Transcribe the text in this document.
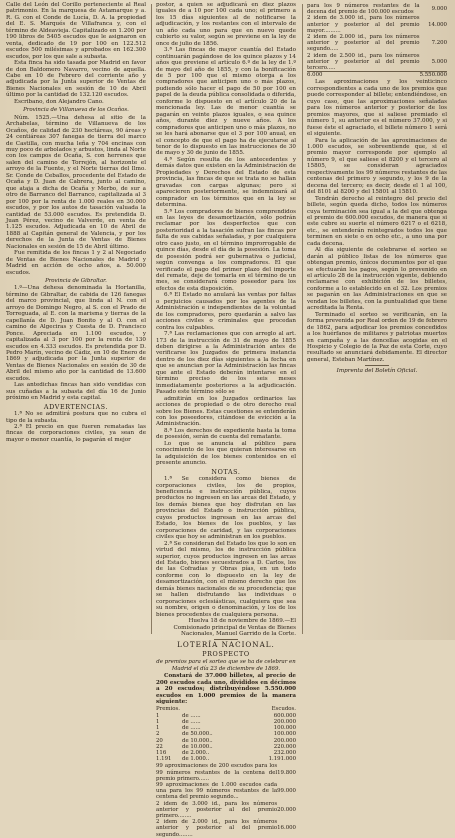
Calle del León del Corillo perteneciente al Real patrimonio. En la marquesa de Astamarque y a. R. G. con el Conde de Lucía, D. A. la propiedad del E. S. Marqués de Villafranca y, con el término de Aldeavieja. Capitalizado en 1.200 por 190 libros de 5405 escudos que le asignaron en venta, dedicado de 19 por 100 en 122.512 escudos 500 milésimas y aprobados en 162.300 escudos, por los que sale a subasta.

Esta finca ha sido tasada por Madrid en favor de don Baldomero Navarro, vecino de aquella. Cabe en 10 de Febrero del corriente año y adjudicada por la Junta superior de Ventas de Bienes Nacionales en sesión de 10 de Abril último por la cantidad de 132.120 escudos.

Escribano, don Alejandro Cano.

Provincia de Villanueva de los Ocaños.

Núm. 1525.—Una dehesa al sitio de la Archabelas, término de Villanueva de los Ocaños, de calidad de 230 hectáreas, 90 áreas y 24 centiáreas 307 fanegas de tierra del marco de Castilla, con mucha leña y 704 encinas con muy poco de arbolados y arbustos, linda al Norte con los campos de Ocaña, S. con herrenes que salen del camino de Torrejón, al horizonte el arroyo de la Fuente, y el Norte tierras del Ilmo. Sr. Conde de Ceballos, procedente del Estado de Ocaña y D. Juan de Cabrera, junto al camino, que ataja a dicha de Ocaña y Merbo, de sur a otro de Barranco del Barranco, capitalizada al 3 por 100 por la renta de 1.000 reales en 30.000 escudos, y por los autos de tasación valuada la cantidad de 53.000 escudos. Es pretendida D. Juan Pérez, vecino de Valverde, en venta de 1.125 escudos. Adjudicada en 10 de Abril de 1888 al Capitán general de Valencia, y por los derechos de la Junta de Ventas de Bienes Nacionales en sesión de 15 de Abril último.

Fue remitida de los fincas 1 y 2 al Negociado de Ventas de Bienes Nacionales de Madrid y Madrid en acción de ocho años, a. 50.000 escudos.

Provincia de Gibraltar.

1.º—Una dehesa denominada la Hortanilla, término de Gibraltar, de cabida de 126 fanegas del marco provincial, que linda al N. con el arroyo de Domingo Negro, al S. con el Prado de Torreguada, al E. con la marisma y tierras de la capellanía de D. Juan Bonito y al O. con el camino de Algeciras y Cuesta de D. Francisco Ponce. Apreciada en 1.100 escudos, y capitalizada al 3 por 100 por la renta de 130 escudos en 4.333 escudos. Es pretendida por D. Pedro Marín, vecino de Cádiz, en 10 de Enero de 1869 y adjudicada por la Junta superior de Ventas de Bienes Nacionales en sesión de 30 de Abril del mismo año por la cantidad de 13.600 escudos.

Las antedichas fincas han sido vendidas con sus cuñadas a la subasta del día 16 de Junio próximo en Madrid y esta capital.

ADVERTENCIAS.

1.ª No se admitirá postura que no cubra el tipo de la subasta.

2.ª El precio en que fueren rematadas las fincas de corporaciones civiles, ya sean de mayor o menor cuantía, lo pagarán el mejor

postor, a quien se adjudicará en diez plazos iguales de a 10 por 100 cada uno; el primero a los 15 días siguientes al de notificarse la adjudicación, y los restantes con el intervalo de un año cada uno para que en nuevo quede cubierto su valor, según se previene en la ley de once de julio de 1856.

3.ª Las fincas de mayor cuantía del Estado continuarán pagándose de los quince plazos y 14 años que previene el artículo 6.º de la ley de 1.º de mayo del año de 1855, y con la bonificación de 5 por 100 que el mismo otorga a los compradores que anticipen uno o más plazos, pudiendo sólo hacer el pago de 50 por 100 en papel de la deuda pública consolidada o diferida, conforme lo dispuesto en el artículo 20 de la mencionada ley. Las de menor cuantía se pagarán en veinte plazos iguales, o sea quince años, durante diez y nueve años. A los compradores que anticipen uno o más plazos, no se les hará abonarse que el 3 por 100 anual, en el concepto de que el pago ha de ejecutarse al tenor de lo dispuesto en las instrucciones de 30 de mayo y 30 de junio de 1855.

4.ª Según resulta de los antecedentes y demás datos que existen en la Administración de Propiedades y Derechos del Estado de esta provincia, las fincas de que se trata no se hallan gravadas con cargas algunas; pero si aparecieren posteriormente, se indemnizará al comprador en los términos que en la ley se determina.

5.ª Los compradores de bienes comprendidos en las leyes de desamortización, sólo podrán reclamar por los desperfectos que con posterioridad a la tasación sufran las fincas por falta de sus cabidas señaladas, y por cualquiera otro caso justo, en el término improrrogable de quince días, desde el día de la posesión. La toma de posesión podrá ser gubernativa o judicial, según convenga a los compradores. El que verificado el pago del primer plazo del importe del remate, deje de tomarla en el término de un mes, se considerará como poseedor para los efectos de esta disposición.

6.ª El Estado no anulará las ventas por faltas o perjuicios causados por los agentes de la Administración e independientes de la voluntad de los compradores, pero quedarán a salvo las acciones civiles o criminales que procedan contra los culpables.

7.ª Las reclamaciones que con arreglo al art. 173 de la instrucción de 31 de mayo de 1855 deben dirigirse a la Administración antes de verificarse los Juzgados de primera instancia dentro de los diez días siguientes a la fecha en que se anuncian por la Administración las fincas que ante el Estado deberán intentarse en el término preciso de los seis meses inmediatamente posteriores a la adjudicación. Pasado este término sólo se

admitirán en los Juzgados ordinarios las acciones de propiedad o de otro derecho real sobre los Bienes. Estas cuestiones se entenderán con los poseedores, citándose de evicción a la Administración.

8.ª Los derechos de expediente hasta la toma de posesión, serán de cuenta del rematante.

Lo que se anuncia al público para conocimiento de los que quieran interesarse en la adquisición de los bienes contenidos en el presente anuncio.

NOTAS.

1.ª Se considera como bienes de corporaciones civiles, los de propios, beneficencia e instrucción pública, cuyos productos no ingresen en las arcas del Estado, y los demás bienes que hoy disfrutan en las provincias del Estado o instrucción pública, cuyos productos ingresan en las arcas del Estado, los bienes de los pueblos, y las corporaciones de caridad, y las corporaciones civiles que hoy se administran en los pueblos.

2.ª Se consideran del Estado los que lo son en virtud del mismo, los de instrucción pública superior, cuyos productos ingresen en las arcas del Estado, bienes secuestrados a D. Carlos, los de las Cofradías y Obras pías, en un todo conforme con lo dispuesto en la ley de desamortización, con el mismo derecho que los demás bienes nacionales de su procedencia; que se hallen disfrutando las individuas o corporaciones eclesiásticas, cualquiera que sea su nombre, origen o denominación, y los de los bienes procedentes de cualquiera persona.

Huelva 18 de noviembre de 1869.—El Comisionado principal de Ventas de Bienes Nacionales, Manuel Garrido de la Corte.

LOTERÍA NACIONAL.

PROSPECTO

de premios para el sorteo que se ha de celebrar en Madrid el día 23 de diciembre de 1869.

Constará de 37.000 billetes, al precio de 200 escudos cada uno, divididos en décimos a 20 escudos; distribuyéndose 5.550.000 escudos en 1.000 premios de la manera siguiente:

Premios.		Escudos.
1	de ......	600.000
1	de ......	200.000
1	de ......	100.000
2	de 50.000..	100.000
20	de 10.000..	200.000
22	de 10.000..	220.000
116	de 2.000..	232.000
1.191	de 1.000..	1.191.000
99 aproximaciones de 200 escudos para los 99 números restantes de la centena del premio primero......	19.800
99 aproximaciones de 1.000 escudos cada una para los 99 números restantes de la centena del premio segundo...	99.000
2 idem de 3.000 id., para los números anterior y posterior al del premio primero........	20.000
2 idem de 2.000 id., para los números anterior y posterior al del premio segundo........	16.000
para los 9 números restantes de la decena del premio de 100.000 escudos	9.000
2 idem de 3.000 id., para los números anterior y posterior al del premio mayor..........	14.000
2 idem de 2.000 id., para los números anterior y posterior al del premio segundo.....	7.200
2 idem de 2.500 id., para los números anterior y posterior al del premio tercero.....	5.000
6.000	5.550.000

Las aproximaciones y los veinticinco correspondientes a cada uno de los premios que puede corresponder al billete; entendiéndose, en cuyo caso, que las aproximaciones señaladas para los números anterior y posterior de los premios mayores, que si saliese premiado el número 1, su anterior es el número 37.000, y si fuese éste el agraciado, el billete número 1 será el siguiente.

Para la aplicación de las aproximaciones de 1.000 escudos, se sobreentiende que, si el premio mayor corresponde por ejemplo al número 9, el que saliese el 8200 y el tercero al 15805, se consideran agraciados respectivamente los 99 números restantes de las centenas del primero y segundo, y los 9 de la decena del tercero; es decir, desde el 1 al 100, del 8101 al 8200 y del 15801 al 15810.

Tendrán derecho al reintegro del precio del billete, según queda dicho, todos los números cuya terminación sea igual a la del que obtenga el premio de 600.000 escudos, de manera que si este cubre su suerte el número 6217 o el 6218, etc., se entenderán reintegrados todos los que terminen en siete o en ocho etc., a uno una por cada decena.

Al día siguiente de celebrarse el sorteo se darán al público listas de los números que obtengan premio, únicos documentos por el que se efectuarán los pagos, según lo prevenido en el artículo 28 de la instrucción vigente, debiendo reclamarse con exhibición de los billetes, conforme a lo establecido en el 32. Los premios se pagarán en las Administraciones en que se vendan los billetes, con la puntualidad que tiene acreditada la Renta.

Terminado el sorteo se verificarán, en la forma prevenida por Real orden de 19 de febrero de 1862, para adjudicar los premios concedidos a los huérfanos de militares y patriotas muertos en campaña y a las doncellas acogidas en el Hospicio y Colegio de la Paz de esta Corte, cuyo resultado se anunciará debidamente. El director general, Esteban Martínez.

Imprenta del Boletín Oficial.
